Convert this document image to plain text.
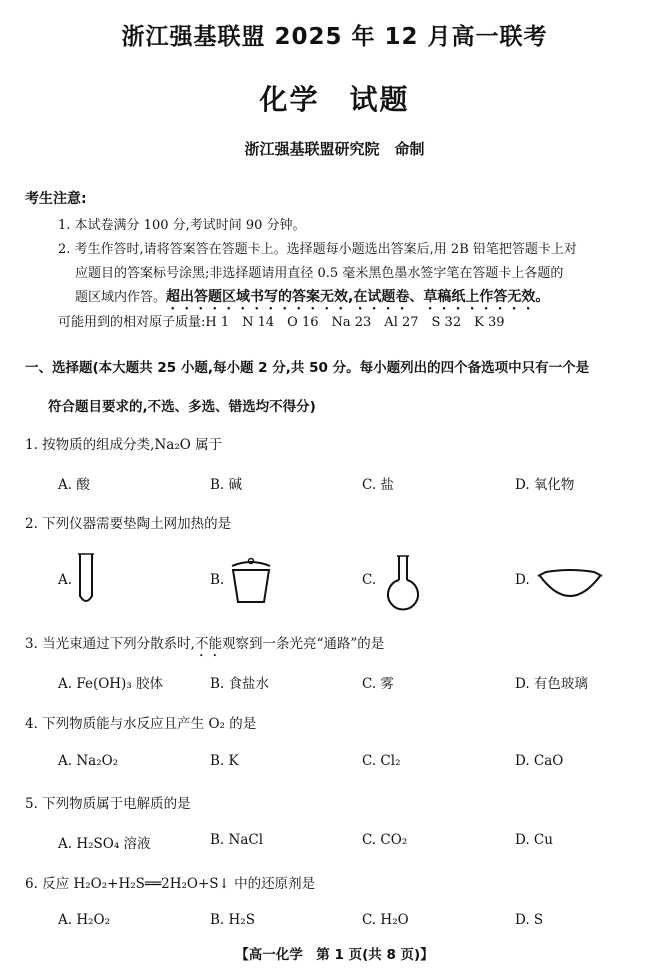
浙江强基联盟 2025 年 12 月高一联考
化学　试题
浙江强基联盟研究院　命制
考生注意:
1. 本试卷满分 100 分,考试时间 90 分钟。
2. 考生作答时,请将答案答在答题卡上。选择题每小题选出答案后,用 2B 铅笔把答题卡上对
应题目的答案标号涂黑;非选择题请用直径 0.5 毫米黑色墨水签字笔在答题卡上各题的
题区域内作答。超出答题区域书写的答案无效,在试题卷、草稿纸上作答无效。
可能用到的相对原子质量:H 1　N 14　O 16　Na 23　Al 27　S 32　K 39
一、选择题(本大题共 25 小题,每小题 2 分,共 50 分。每小题列出的四个备选项中只有一个是
符合题目要求的,不选、多选、错选均不得分)
1. 按物质的组成分类,Na₂O 属于
A. 酸	B. 碱	C. 盐	D. 氧化物
2. 下列仪器需要垫陶土网加热的是
A.	B.	C.	D.
3. 当光束通过下列分散系时,不能观察到一条光亮“通路”的是
A. Fe(OH)₃ 胶体	B. 食盐水	C. 雾	D. 有色玻璃
4. 下列物质能与水反应且产生 O₂ 的是
A. Na₂O₂	B. K	C. Cl₂	D. CaO
5. 下列物质属于电解质的是
A. H₂SO₄ 溶液	B. NaCl	C. CO₂	D. Cu
6. 反应 H₂O₂+H₂S══2H₂O+S↓ 中的还原剂是
A. H₂O₂	B. H₂S	C. H₂O	D. S
【高一化学　第 1 页(共 8 页)】
